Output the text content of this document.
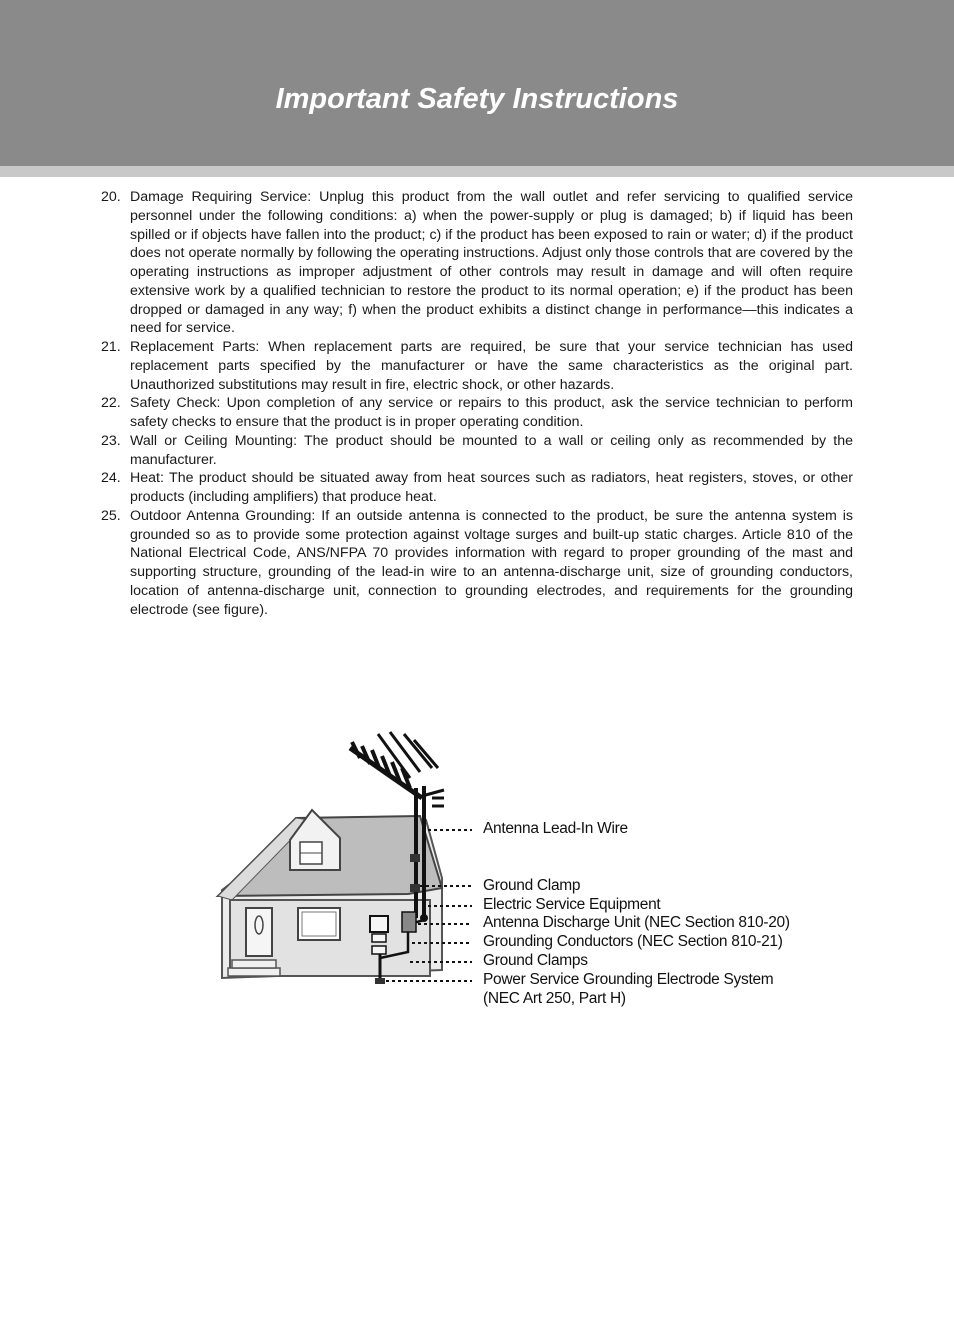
Important Safety Instructions
20. Damage Requiring Service: Unplug this product from the wall outlet and refer servicing to qualified service personnel under the following conditions: a) when the power-supply or plug is damaged; b) if liquid has been spilled or if objects have fallen into the product; c) if the product has been exposed to rain or water; d) if the product does not operate normally by following the operating instructions. Adjust only those controls that are covered by the operating instructions as improper adjustment of other controls may result in damage and will often require extensive work by a qualified technician to restore the product to its normal operation; e) if the product has been dropped or damaged in any way; f) when the product exhibits a distinct change in performance—this indicates a need for service.
21. Replacement Parts: When replacement parts are required, be sure that your service technician has used replacement parts specified by the manufacturer or have the same characteristics as the original part. Unauthorized substitutions may result in fire, electric shock, or other hazards.
22. Safety Check: Upon completion of any service or repairs to this product, ask the service technician to perform safety checks to ensure that the product is in proper operating condition.
23. Wall or Ceiling Mounting: The product should be mounted to a wall or ceiling only as recommended by the manufacturer.
24. Heat: The product should be situated away from heat sources such as radiators, heat registers, stoves, or other products (including amplifiers) that produce heat.
25. Outdoor Antenna Grounding: If an outside antenna is connected to the product, be sure the antenna system is grounded so as to provide some protection against voltage surges and built-up static charges. Article 810 of the National Electrical Code, ANS/NFPA 70 provides information with regard to proper grounding of the mast and supporting structure, grounding of the lead-in wire to an antenna-discharge unit, size of grounding conductors, location of antenna-discharge unit, connection to grounding electrodes, and requirements for the grounding electrode (see figure).
Antenna Lead-In Wire
Ground Clamp
Electric Service Equipment
Antenna Discharge Unit (NEC Section 810-20)
Grounding Conductors (NEC Section 810-21)
Ground Clamps
Power Service Grounding Electrode System
(NEC Art 250, Part H)
